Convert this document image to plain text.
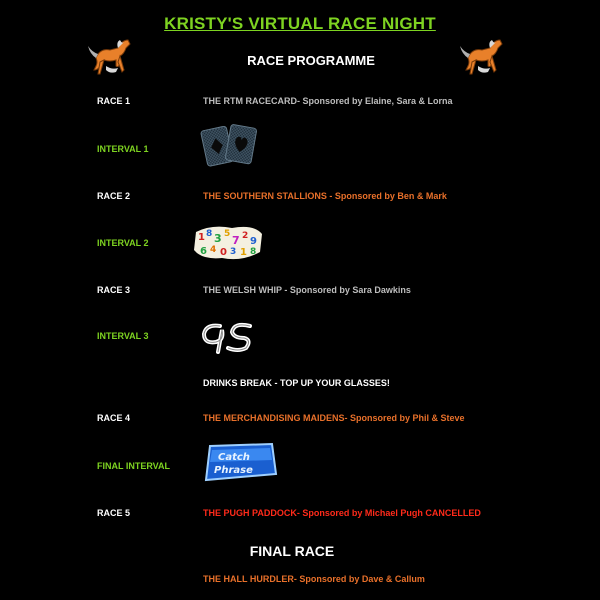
KRISTY'S VIRTUAL RACE NIGHT
RACE PROGRAMME
RACE 1	THE RTM RACECARD- Sponsored by Elaine, Sara & Lorna
INTERVAL 1
RACE 2	THE SOUTHERN STALLIONS - Sponsored by Ben & Mark
INTERVAL 2	1 8 3 5 7 2 9
6 4 0 3 1 8
RACE 3	THE WELSH WHIP - Sponsored by Sara Dawkins
INTERVAL 3
DRINKS BREAK - TOP UP YOUR GLASSES!
RACE 4	THE MERCHANDISING MAIDENS- Sponsored by Phil & Steve
FINAL INTERVAL
Catch
Phrase
RACE 5	THE PUGH PADDOCK- Sponsored by Michael Pugh CANCELLED
FINAL RACE
THE HALL HURDLER- Sponsored by Dave & Callum
